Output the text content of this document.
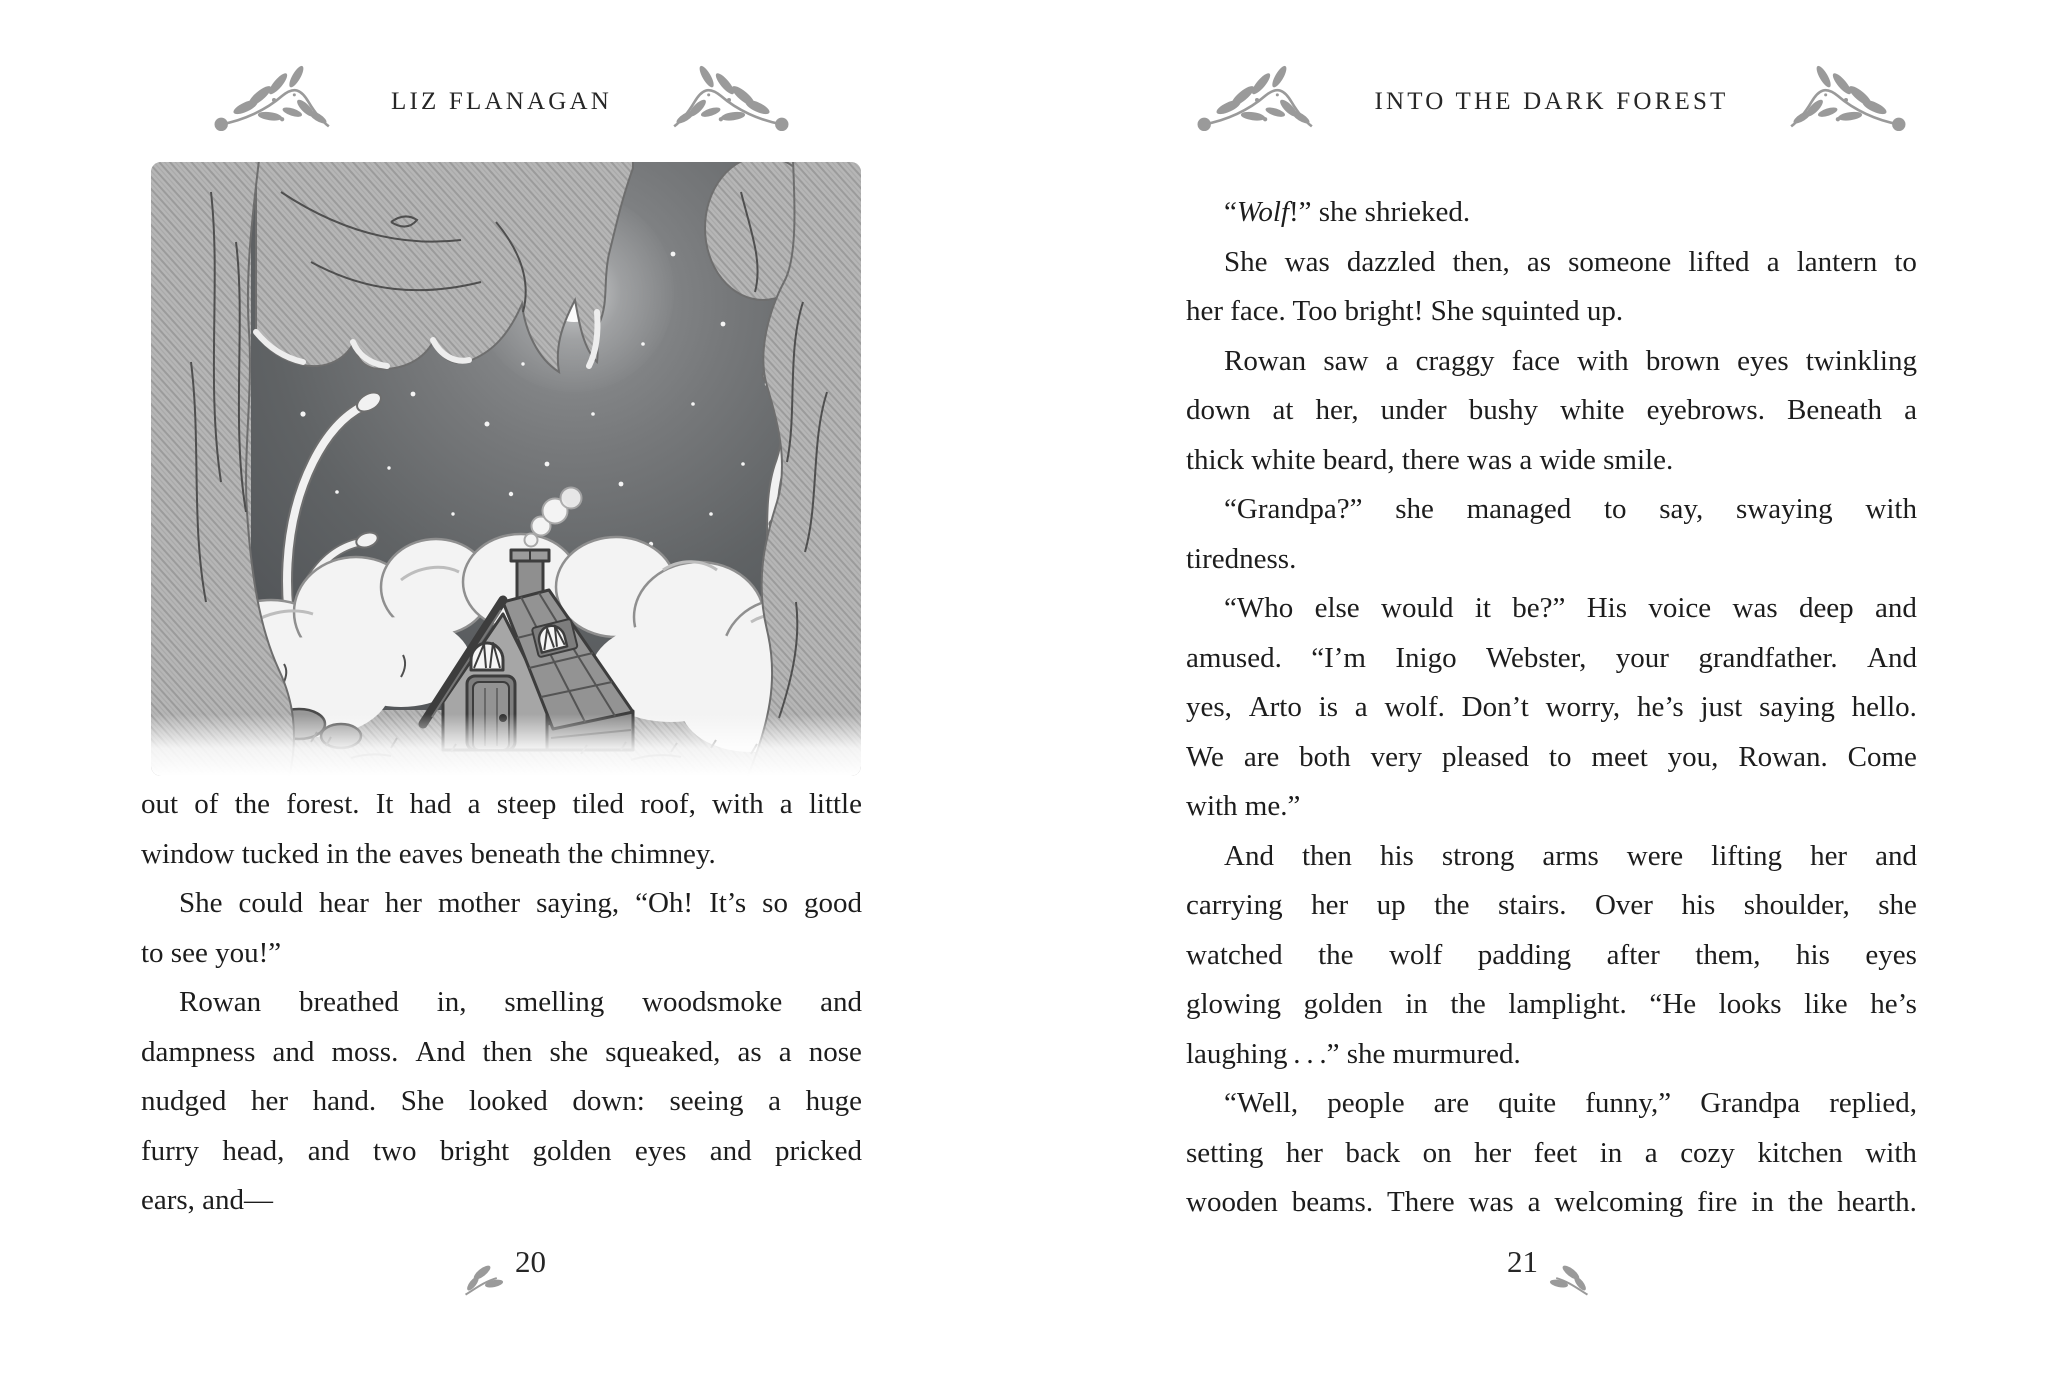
LIZ FLANAGAN	INTO THE DARK FOREST
out of the forest. It had a steep tiled roof, with a little
window tucked in the eaves beneath the chimney.
She could hear her mother saying, “Oh! It’s so good
to see you!”
Rowan breathed in, smelling woodsmoke and
dampness and moss. And then she squeaked, as a nose
nudged her hand. She looked down: seeing a huge
furry head, and two bright golden eyes and pricked
ears, and—
“Wolf!” she shrieked.
She was dazzled then, as someone lifted a lantern to
her face. Too bright! She squinted up.
Rowan saw a craggy face with brown eyes twinkling
down at her, under bushy white eyebrows. Beneath a
thick white beard, there was a wide smile.
“Grandpa?” she managed to say, swaying with
tiredness.
“Who else would it be?” His voice was deep and
amused. “I’m Inigo Webster, your grandfather. And
yes, Arto is a wolf. Don’t worry, he’s just saying hello.
We are both very pleased to meet you, Rowan. Come
with me.”
And then his strong arms were lifting her and
carrying her up the stairs. Over his shoulder, she
watched the wolf padding after them, his eyes
glowing golden in the lamplight. “He looks like he’s
laughing . . .” she murmured.
“Well, people are quite funny,” Grandpa replied,
setting her back on her feet in a cozy kitchen with
wooden beams. There was a welcoming fire in the hearth.
20	21
